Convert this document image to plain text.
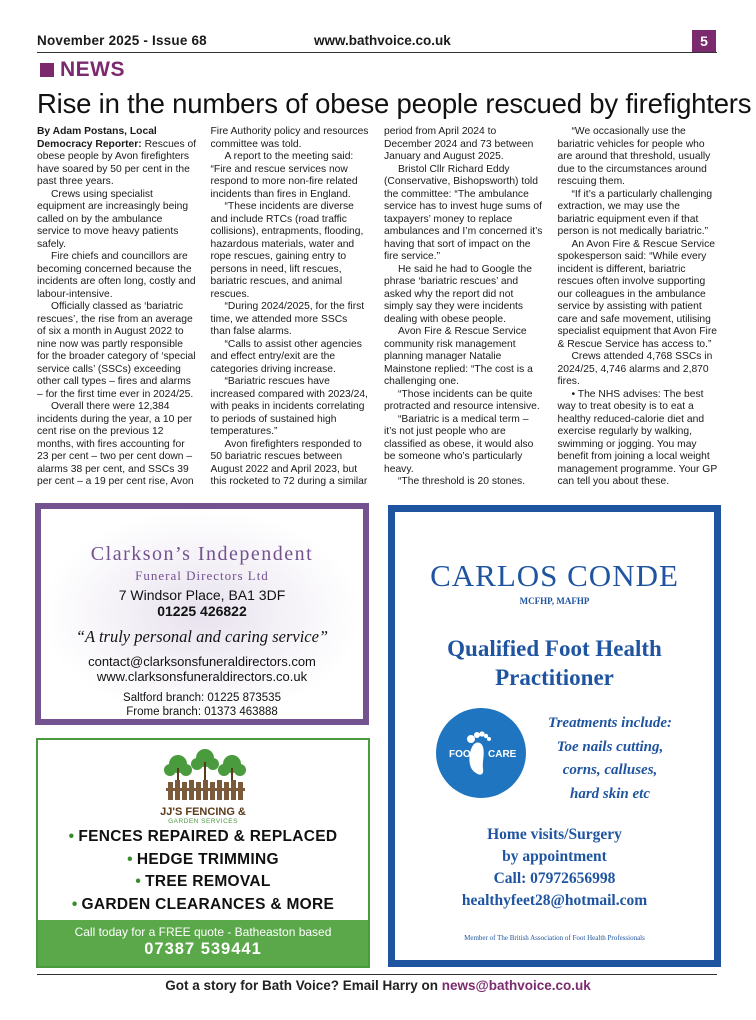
November 2025 - Issue 68	www.bathvoice.co.uk	5
NEWS
Rise in the numbers of obese people rescued by firefighters

By Adam Postans, Local Democracy Reporter: Rescues of obese people by Avon firefighters have soared by 50 per cent in the past three years.

Crews using specialist equipment are increasingly being called on by the ambulance service to move heavy patients safely.

Fire chiefs and councillors are becoming concerned because the incidents are often long, costly and labour-intensive.

Officially classed as ‘bariatric rescues’, the rise from an average of six a month in August 2022 to nine now was partly responsible for the broader category of ‘special service calls’ (SSCs) exceeding other call types – fires and alarms – for the first time ever in 2024/25.

Overall there were 12,384 incidents during the year, a 10 per cent rise on the previous 12 months, with fires accounting for 23 per cent – two per cent down – alarms 38 per cent, and SSCs 39 per cent – a 19 per cent rise, Avon Fire Authority policy and resources committee was told.

A report to the meeting said: “Fire and rescue services now respond to more non-fire related incidents than fires in England.

“These incidents are diverse and include RTCs (road traffic collisions), entrapments, flooding, hazardous materials, water and rope rescues, gaining entry to persons in need, lift rescues, bariatric rescues, and animal rescues.

“During 2024/2025, for the first time, we attended more SSCs than false alarms.

“Calls to assist other agencies and effect entry/exit are the categories driving increase.

“Bariatric rescues have increased compared with 2023/24, with peaks in incidents correlating to periods of sustained high temperatures.”

Avon firefighters responded to 50 bariatric rescues between August 2022 and April 2023, but this rocketed to 72 during a similar period from April 2024 to December 2024 and 73 between January and August 2025.

Bristol Cllr Richard Eddy (Conservative, Bishopsworth) told the committee: “The ambulance service has to invest huge sums of taxpayers’ money to replace ambulances and I’m concerned it’s having that sort of impact on the fire service.”

He said he had to Google the phrase ‘bariatric rescues’ and asked why the report did not simply say they were incidents dealing with obese people.

Avon Fire & Rescue Service community risk management planning manager Natalie Mainstone replied: “The cost is a challenging one.

“Those incidents can be quite protracted and resource intensive.

“Bariatric is a medical term – it’s not just people who are classified as obese, it would also be someone who’s particularly heavy.

“The threshold is 20 stones.

“We occasionally use the bariatric vehicles for people who are around that threshold, usually due to the circumstances around rescuing them.

“If it’s a particularly challenging extraction, we may use the bariatric equipment even if that person is not medically bariatric.”

An Avon Fire & Rescue Service spokesperson said: “While every incident is different, bariatric rescues often involve supporting our colleagues in the ambulance service by assisting with patient care and safe movement, utilising specialist equipment that Avon Fire & Rescue Service has access to.”

Crews attended 4,768 SSCs in 2024/25, 4,746 alarms and 2,870 fires.

• The NHS advises: The best way to treat obesity is to eat a healthy reduced-calorie diet and exercise regularly by walking, swimming or jogging. You may benefit from joining a local weight management programme. Your GP can tell you about these.

Clarkson’s Independent
Funeral Directors Ltd
7 Windsor Place, BA1 3DF
01225 426822
“A truly personal and caring service”
contact@clarksonsfuneraldirectors.com
www.clarksonsfuneraldirectors.co.uk
Saltford branch: 01225 873535
Frome branch: 01373 463888
JJ'S FENCING &
GARDEN SERVICES
• FENCES REPAIRED & REPLACED
• HEDGE TRIMMING
• TREE REMOVAL
• GARDEN CLEARANCES & MORE
Call today for a FREE quote - Batheaston based
07387 539441
CARLOS CONDE
MCFHP, MAFHP
Qualified Foot Health
Practitioner
FOOT CARE
Treatments include:
Toe nails cutting,
corns, calluses,
hard skin etc
Home visits/Surgery
by appointment
Call: 07972656998
healthyfeet28@hotmail.com
Member of The British Association of Foot Health Professionals
Got a story for Bath Voice? Email Harry on news@bathvoice.co.uk
